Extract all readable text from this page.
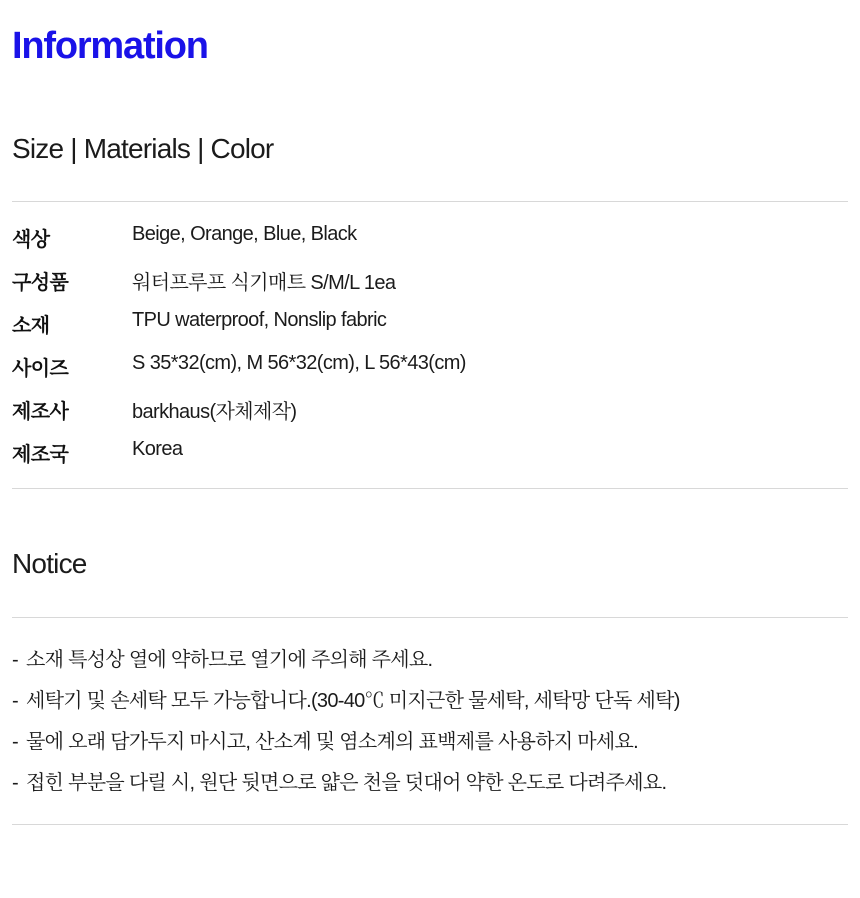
Information
Size | Materials | Color
색상	Beige, Orange, Blue, Black
구성품	워터프루프 식기매트 S/M/L 1ea
소재	TPU waterproof, Nonslip fabric
사이즈	S 35*32(cm), M 56*32(cm), L 56*43(cm)
제조사	barkhaus(자체제작)
제조국	Korea
Notice
- 소재 특성상 열에 약하므로 열기에 주의해 주세요.
- 세탁기 및 손세탁 모두 가능합니다.(30-40℃ 미지근한 물세탁, 세탁망 단독 세탁)
- 물에 오래 담가두지 마시고, 산소계 및 염소계의 표백제를 사용하지 마세요.
- 접힌 부분을 다릴 시, 원단 뒷면으로 얇은 천을 덧대어 약한 온도로 다려주세요.
